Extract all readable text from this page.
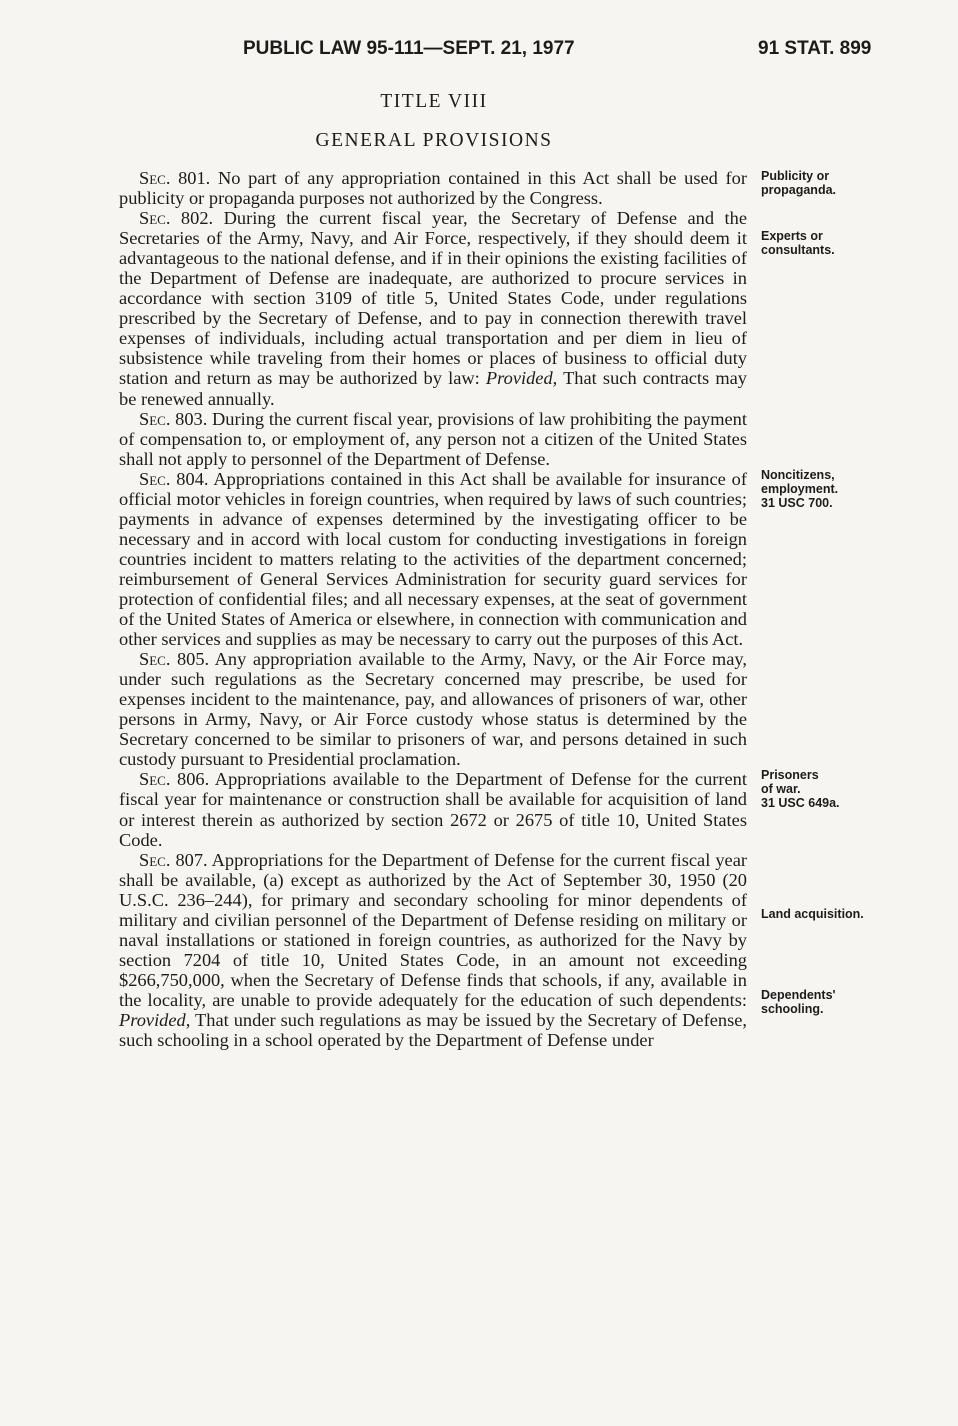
PUBLIC LAW 95-111—SEPT. 21, 1977	91 STAT. 899
TITLE VIII
GENERAL PROVISIONS

Sec. 801. No part of any appropriation contained in this Act shall be used for publicity or propaganda purposes not authorized by the Congress.

Sec. 802. During the current fiscal year, the Secretary of Defense and the Secretaries of the Army, Navy, and Air Force, respectively, if they should deem it advantageous to the national defense, and if in their opinions the existing facilities of the Department of Defense are inadequate, are authorized to procure services in accordance with section 3109 of title 5, United States Code, under regulations prescribed by the Secretary of Defense, and to pay in connection therewith travel expenses of individuals, including actual transportation and per diem in lieu of subsistence while traveling from their homes or places of business to official duty station and return as may be authorized by law: Provided, That such contracts may be renewed annually.

Sec. 803. During the current fiscal year, provisions of law prohibiting the payment of compensation to, or employment of, any person not a citizen of the United States shall not apply to personnel of the Department of Defense.

Sec. 804. Appropriations contained in this Act shall be available for insurance of official motor vehicles in foreign countries, when required by laws of such countries; payments in advance of expenses determined by the investigating officer to be necessary and in accord with local custom for conducting investigations in foreign countries incident to matters relating to the activities of the department concerned; reimbursement of General Services Administration for security guard services for protection of confidential files; and all necessary expenses, at the seat of government of the United States of America or elsewhere, in connection with communication and other services and supplies as may be necessary to carry out the purposes of this Act.

Sec. 805. Any appropriation available to the Army, Navy, or the Air Force may, under such regulations as the Secretary concerned may prescribe, be used for expenses incident to the maintenance, pay, and allowances of prisoners of war, other persons in Army, Navy, or Air Force custody whose status is determined by the Secretary concerned to be similar to prisoners of war, and persons detained in such custody pursuant to Presidential proclamation.

Sec. 806. Appropriations available to the Department of Defense for the current fiscal year for maintenance or construction shall be available for acquisition of land or interest therein as authorized by section 2672 or 2675 of title 10, United States Code.

Sec. 807. Appropriations for the Department of Defense for the current fiscal year shall be available, (a) except as authorized by the Act of September 30, 1950 (20 U.S.C. 236–244), for primary and secondary schooling for minor dependents of military and civilian personnel of the Department of Defense residing on military or naval installations or stationed in foreign countries, as authorized for the Navy by section 7204 of title 10, United States Code, in an amount not exceeding $266,750,000, when the Secretary of Defense finds that schools, if any, available in the locality, are unable to provide adequately for the education of such dependents: Provided, That under such regulations as may be issued by the Secretary of Defense, such schooling in a school operated by the Department of Defense under

Publicity or
propaganda.
Experts or
consultants.
Noncitizens,
employment.
31 USC 700.
Prisoners
of war.
31 USC 649a.
Land acquisition.
Dependents'
schooling.
